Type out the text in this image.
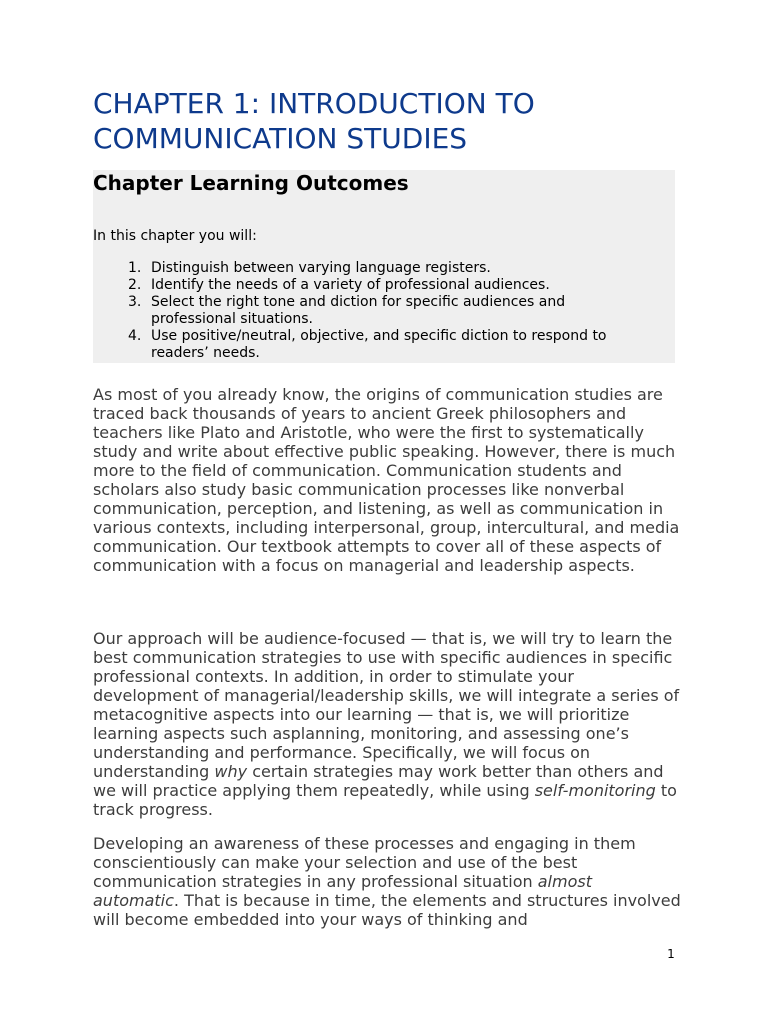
CHAPTER 1: INTRODUCTION TO COMMUNICATION STUDIES
Chapter Learning Outcomes

In this chapter you will:

1. Distinguish between varying language registers.
2. Identify the needs of a variety of professional audiences.
3. Select the right tone and diction for specific audiences and professional situations.
4. Use positive/neutral, objective, and specific diction to respond to readers’ needs.

As most of you already know, the origins of communication studies are traced back thousands of years to ancient Greek philosophers and teachers like Plato and Aristotle, who were the first to systematically study and write about effective public speaking. However, there is much more to the field of communication. Communication students and scholars also study basic communication processes like nonverbal communication, perception, and listening, as well as communication in various contexts, including interpersonal, group, intercultural, and media communication. Our textbook attempts to cover all of these aspects of communication with a focus on managerial and leadership aspects.

Our approach will be audience-focused — that is, we will try to learn the best communication strategies to use with specific audiences in specific professional contexts. In addition, in order to stimulate your development of managerial/leadership skills, we will integrate a series of metacognitive aspects into our learning — that is, we will prioritize learning aspects such asplanning, monitoring, and assessing one’s understanding and performance. Specifically, we will focus on understanding why certain strategies may work better than others and we will practice applying them repeatedly, while using self-monitoring to track progress.

Developing an awareness of these processes and engaging in them conscientiously can make your selection and use of the best communication strategies in any professional situation almost automatic. That is because in time, the elements and structures involved will become embedded into your ways of thinking and

1
